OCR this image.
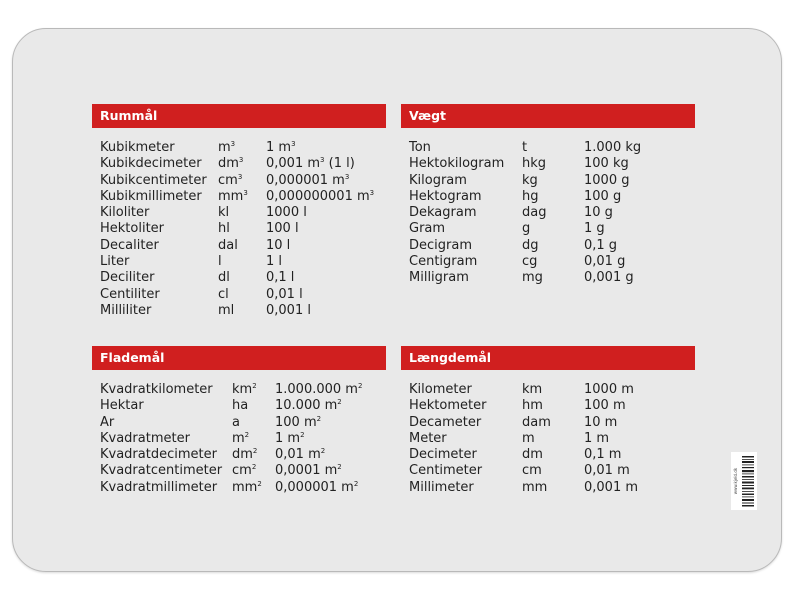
Rummål
Kubikmeter	$m^3$ 1 $m^3$
Kubikdecimeter $dm^3$ 0,001 $m^3$ (1 l)
Kubikcentimeter $cm^3$ 0,000001 $m^3$
Kubikmillimeter $mm^3$ 0,000000001 $m^3$
Kiloliter	kl	1000 l
Hektoliter	hl	100 l
Decaliter	dal 10 l
Liter	l	1 l
Deciliter	dl	0,1 l
Centiliter	cl	0,01 l
Milliliter	ml 0,001 l
Vægt
Ton	t	1.000 kg
Hektokilogram hkg	100 kg
Kilogram	kg	1000 g
Hektogram	hg	100 g
Dekagram	dag	10 g
Gram	g	1 g
Decigram	dg	0,1 g
Centigram	cg	0,01 g
Milligram	mg	0,001 g
Flademål
Kvadratkilometer $km^2$ 1.000.000 $m^2$
Hektar	ha 10.000 $m^2$
Ar	a	100 $m^2$
Kvadratmeter	$m^2$ 1 $m^2$
Kvadratdecimeter $dm^2$ 0,01 $m^2$
Kvadratcentimeter $cm^2$ 0,0001 $m^2$
Kvadratmillimeter $mm^2$ 0,000001 $m^2$
Længdemål
Kilometer	km	1000 m
Hektometer	hm	100 m
Decameter	dam	10 m
Meter	m	1 m
Decimeter	dm	0,1 m
Centimeter	cm	0,01 m
Millimeter	mm	0,001 m	www.kjeld.dk
